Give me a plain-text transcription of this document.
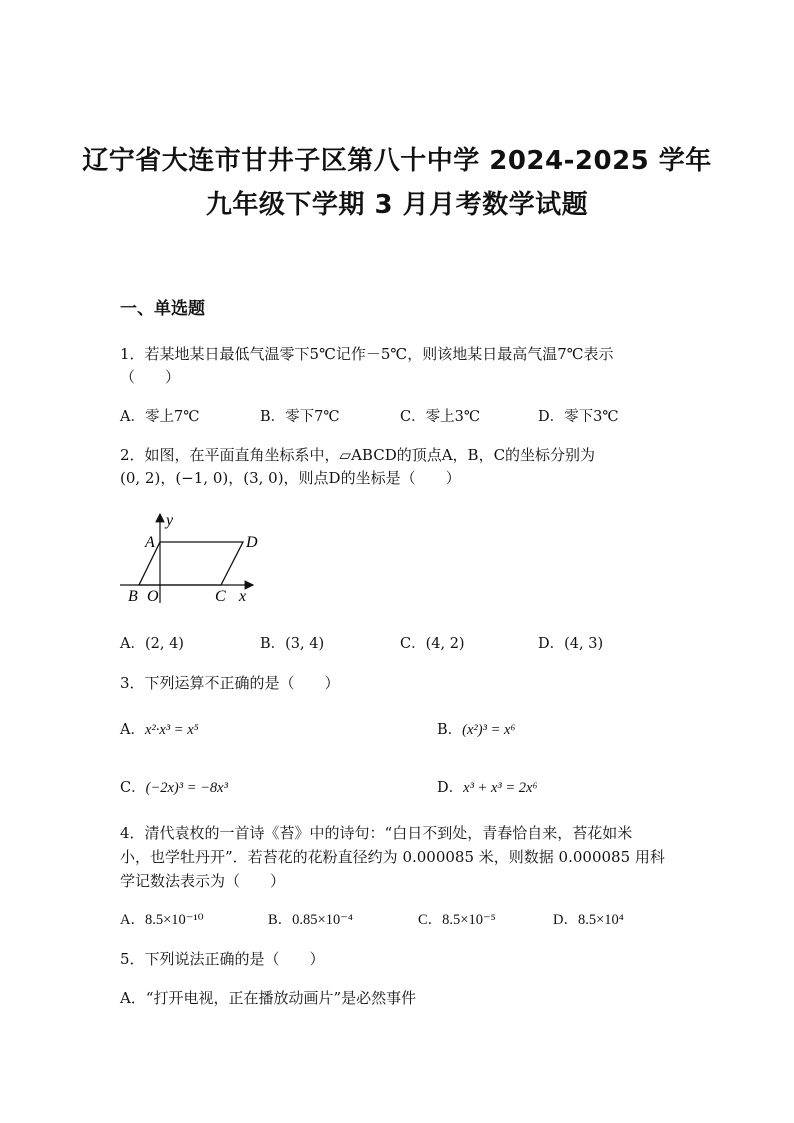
辽宁省大连市甘井子区第八十中学 2024-2025 学年
九年级下学期 3 月月考数学试题
一、单选题
1．若某地某日最低气温零下5℃记作－5℃，则该地某日最高气温7℃表示
（　　）
A．零上7℃	B．零下7℃	C．零上3℃	D．零下3℃
2．如图，在平面直角坐标系中，▱ABCD的顶点A，B，C的坐标分别为
(0, 2)，(−1, 0)，(3, 0)，则点D的坐标是（　　）
y
A	D
B O	C x
A．(2, 4)	B．(3, 4)	C．(4, 2)	D．(4, 3)
3．下列运算不正确的是（　　）
A．x²·x³ = x⁵	B．(x²)³ = x⁶
C．(−2x)³ = −8x³	D．x³ + x³ = 2x⁶
4．清代袁枚的一首诗《苔》中的诗句：“白日不到处，青春恰自来，苔花如米
小，也学牡丹开”．若苔花的花粉直径约为 0.000085 米，则数据 0.000085 用科
学记数法表示为（　　）
A．8.5×10⁻¹⁰	B．0.85×10⁻⁴	C．8.5×10⁻⁵	D．8.5×10⁴
5．下列说法正确的是（　　）
A．“打开电视，正在播放动画片”是必然事件
